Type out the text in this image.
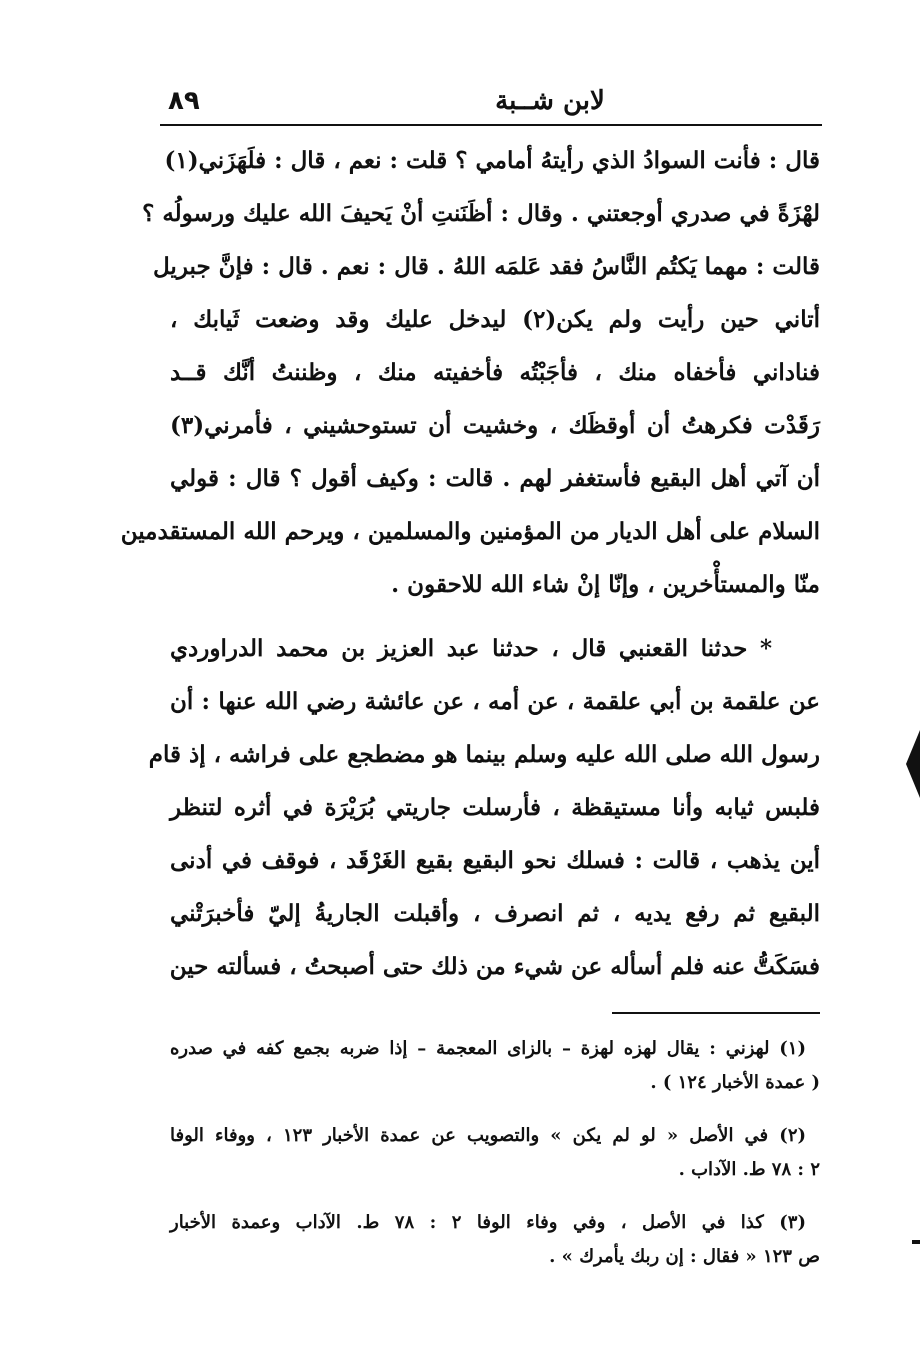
٨٩	لابن شــبة
قال : فأنت السوادُ الذي رأيتهُ أمامي ؟ قلت : نعم ، قال : فلَهَزَني(١)
لهْزَةً في صدري أوجعتني . وقال : أظَنَنتِ أنْ يَحيفَ الله عليك ورسولُه ؟
قالت : مهما يَكتُم النَّاسُ فقد عَلمَه اللهُ . قال : نعم . قال : فإنَّ جبريل
أتاني حين رأيت ولم يكن(٢) ليدخل عليك وقد وضعت ثَيابك ،
فناداني فأخفاه منك ، فأجَبْتُه فأخفيته منك ، وظننتُ أنَّك قــد
رَقَدْت فكرهتُ أن أوقظَك ، وخشيت أن تستوحشيني ، فأمرني(٣)
أن آتي أهل البقيع فأستغفر لهم . قالت : وكيف أقول ؟ قال : قولي
السلام على أهل الديار من المؤمنين والمسلمين ، ويرحم الله المستقدمين
منّا والمستأْخرين ، وإنّا إنْ شاء الله للاحقون .
* حدثنا القعنبي قال ، حدثنا عبد العزيز بن محمد الدراوردي
عن علقمة بن أبي علقمة ، عن أمه ، عن عائشة رضي الله عنها : أن
رسول الله صلى الله عليه وسلم بينما هو مضطجع على فراشه ، إذ قام
فلبس ثيابه وأنا مستيقظة ، فأرسلت جاريتي بُرَيْرَة في أثره لتنظر
أين يذهب ، قالت : فسلك نحو البقيع بقيع الغَرْقَد ، فوقف في أدنى
البقيع ثم رفع يديه ، ثم انصرف ، وأقبلت الجاريةُ إليّ فأخبرَتْني
فسَكَتُّ عنه فلم أسأله عن شيء من ذلك حتى أصبحتُ ، فسألته حين
(١) لهزني : يقال لهزه لهزة – بالزاى المعجمة – إذا ضربه بجمع كفه في صدره
( عمدة الأخبار ١٢٤ ) .
(٢) في الأصل « لو لم يكن » والتصويب عن عمدة الأخبار ١٢٣ ، ووفاء الوفا
٢ : ٧٨ ط. الآداب .
(٣) كذا في الأصل ، وفي وفاء الوفا ٢ : ٧٨ ط. الآداب وعمدة الأخبار
ص ١٢٣ « فقال : إن ربك يأمرك » .
